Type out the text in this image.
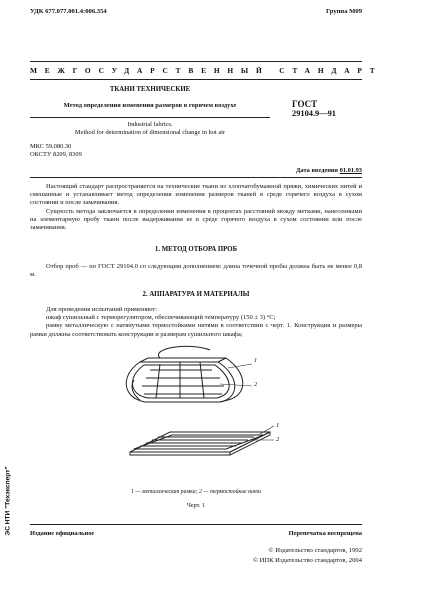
УДК 677.077.001.4:006.354	Группа М09
МЕЖГОСУДАРСТВЕННЫЙ СТАНДАРТ
ТКАНИ ТЕХНИЧЕСКИЕ
Метод определения изменения размеров в горячем воздухе
Industrial fabrics.
Method for determination of dimensional change in hot air
ГОСТ
29104.9—91
МКС 59.080.30
ОКСТУ 8209, 8309
Дата введения 01.01.93

Настоящий стандарт распространяется на технические ткани из хлопчатобумажной пряжи, химических нитей и смешанные и устанавливает метод определения изменения размеров тканей в среде горячего воздуха в сухом состоянии и после замачивания.

Сущность метода заключается в определении изменения в процентах расстояний между метками, нанесенными на элементарную пробу ткани после выдерживания ее в среде горячего воздуха в сухом состоянии или после замачивания.

1. МЕТОД ОТБОРА ПРОБ

Отбор проб — по ГОСТ 29104.0 со следующим дополнением: длина точечной пробы должна быть не менее 0,8 м.

2. АППАРАТУРА И МАТЕРИАЛЫ

Для проведения испытаний применяют:

шкаф сушильный с терморегулятором, обеспечивающий температуру (150 ± 3) °С;

рамку металлическую с натянутыми термостойкими нитями в соответствии с черт. 1. Конструкция и размеры рамки должны соответствовать конструкции и размерам сушильного шкафа;

1
2
1
2
1 — металлическая рамка; 2 — термостойкие нити
Черт. 1
Издание официальное	Перепечатка воспрещена
© Издательство стандартов, 1992
© ИПК Издательство стандартов, 2004
ЭС НТИ "Техэксперт"
